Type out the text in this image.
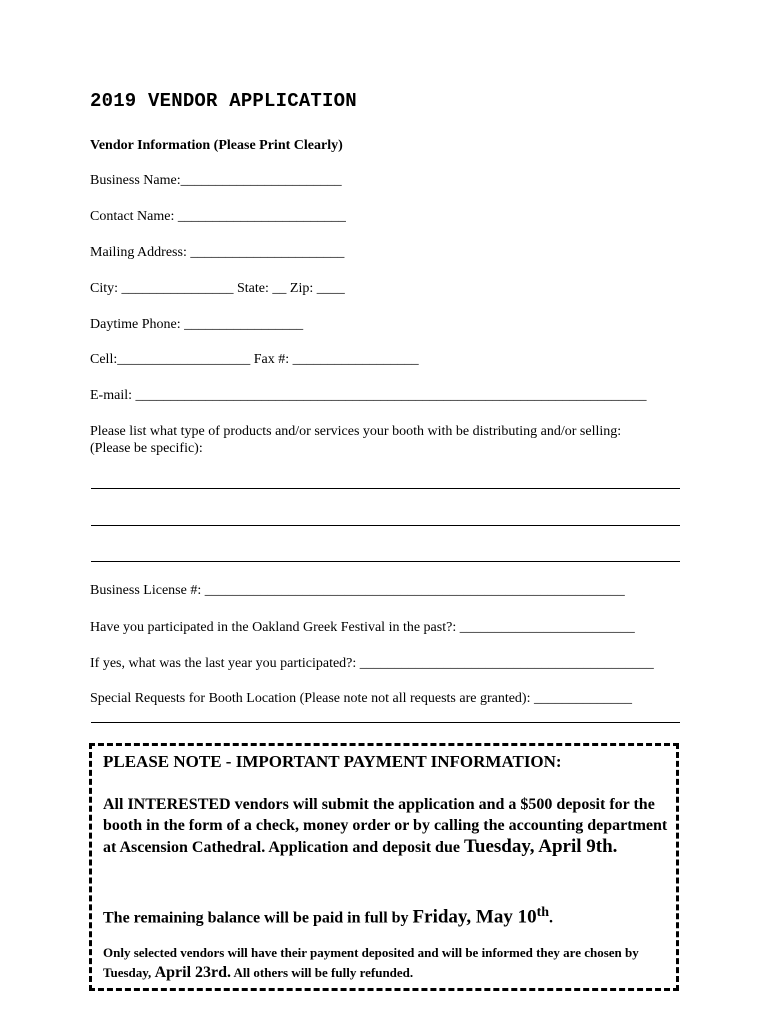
2019 VENDOR APPLICATION
Vendor Information (Please Print Clearly)
Business Name:_______________________
Contact Name: ________________________
Mailing Address: ______________________
City: ________________ State: __ Zip: ____
Daytime Phone: _________________
Cell:___________________ Fax #: __________________
E-mail: _________________________________________________________________________
Please list what type of products and/or services your booth with be distributing and/or selling:
(Please be specific):
Business License #: ____________________________________________________________
Have you participated in the Oakland Greek Festival in the past?: _________________________
If yes, what was the last year you participated?: __________________________________________
Special Requests for Booth Location (Please note not all requests are granted): ______________
PLEASE NOTE - IMPORTANT PAYMENT INFORMATION:
All INTERESTED vendors will submit the application and a $500 deposit for the booth in the form of a check, money order or by calling the accounting department at Ascension Cathedral. Application and deposit due Tuesday, April 9th.
The remaining balance will be paid in full by Friday, May 10th.
Only selected vendors will have their payment deposited and will be informed they are chosen by Tuesday, April 23rd. All others will be fully refunded.
